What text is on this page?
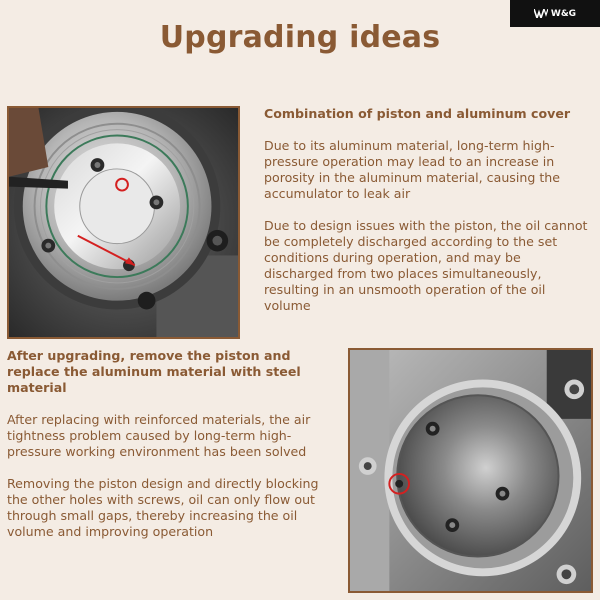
W&G
Upgrading ideas
Combination of piston and aluminum cover
Due to its aluminum material, long-term high-pressure operation may lead to an increase in porosity in the aluminum material, causing the accumulator to leak air
Due to design issues with the piston, the oil cannot be completely discharged according to the set conditions during operation, and may be discharged from two places simultaneously, resulting in an unsmooth operation of the oil volume
After upgrading, remove the piston and replace the aluminum material with steel material
After replacing with reinforced materials, the air tightness problem caused by long-term high-pressure working environment has been solved
Removing the piston design and directly blocking the other holes with screws, oil can only flow out through small gaps, thereby increasing the oil volume and improving operation
